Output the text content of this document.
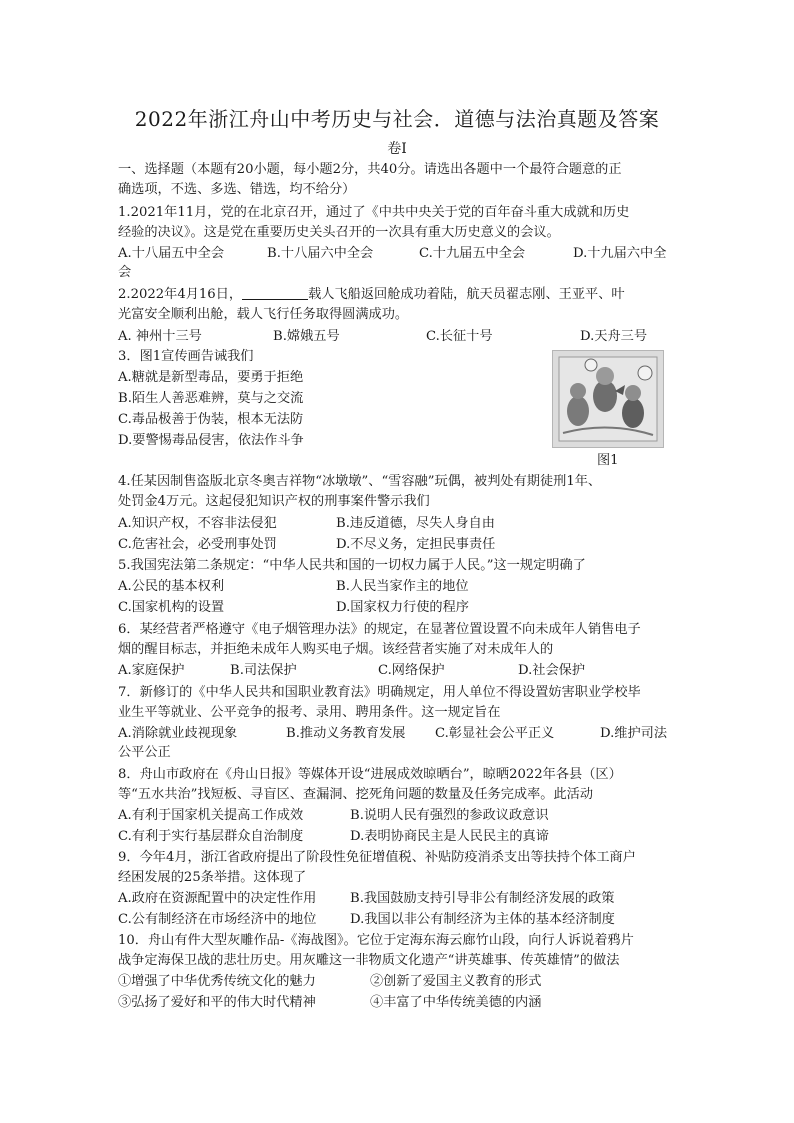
2022年浙江舟山中考历史与社会．道德与法治真题及答案
卷Ⅰ
一、选择题（本题有20小题，每小题2分，共40分。请选出各题中一个最符合题意的正
确选项，不选、多选、错选，均不给分）
1.2021年11月，党的在北京召开，通过了《中共中央关于党的百年奋斗重大成就和历史
经验的决议》。这是党在重要历史关头召开的一次具有重大历史意义的会议。
A.十八届五中全会	B.十八届六中全会	C.十九届五中全会	D.十九届六中全
会
2.2022年4月16日，	载人飞船返回舱成功着陆，航天员翟志刚、王亚平、叶
光富安全顺利出舱，载人飞行任务取得圆满成功。
A. 神州十三号	B.嫦娥五号	C.长征十号	D.天舟三号
3．图1宣传画告诫我们
A.糖就是新型毒品，要勇于拒绝
B.陌生人善恶难辨，莫与之交流
C.毒品极善于伪装，根本无法防
D.要警惕毒品侵害，依法作斗争
图1
4.任某因制售盗版北京冬奥吉祥物“冰墩墩”、“雪容融”玩偶，被判处有期徒刑1年、
处罚金4万元。这起侵犯知识产权的刑事案件警示我们
A.知识产权，不容非法侵犯	B.违反道德，尽失人身自由
C.危害社会，必受刑事处罚	D.不尽义务，定担民事责任
5.我国宪法第二条规定：“中华人民共和国的一切权力属于人民。”这一规定明确了
A.公民的基本权利	B.人民当家作主的地位
C.国家机构的设置	D.国家权力行使的程序
6．某经营者严格遵守《电子烟管理办法》的规定，在显著位置设置不向未成年人销售电子
烟的醒目标志，并拒绝未成年人购买电子烟。该经营者实施了对未成年人的
A.家庭保护	B.司法保护	C.网络保护	D.社会保护
7．新修订的《中华人民共和国职业教育法》明确规定，用人单位不得设置妨害职业学校毕
业生平等就业、公平竞争的报考、录用、聘用条件。这一规定旨在
A.消除就业歧视现象	B.推动义务教育发展 C.彰显社会公平正义	D.维护司法
公平公正
8．舟山市政府在《舟山日报》等媒体开设“进展成效晾晒台”，晾晒2022年各县（区）
等“五水共治”找短板、寻盲区、查漏洞、挖死角问题的数量及任务完成率。此活动
A.有利于国家机关提高工作成效	B.说明人民有强烈的参政议政意识
C.有利于实行基层群众自治制度	D.表明协商民主是人民民主的真谛
9．今年4月，浙江省政府提出了阶段性免征增值税、补贴防疫消杀支出等扶持个体工商户
经困发展的25条举措。这体现了
A.政府在资源配置中的决定性作用	B.我国鼓励支持引导非公有制经济发展的政策
C.公有制经济在市场经济中的地位	D.我国以非公有制经济为主体的基本经济制度
10．舟山有件大型灰雕作品-《海战图》。它位于定海东海云廊竹山段，向行人诉说着鸦片
战争定海保卫战的悲壮历史。用灰雕这一非物质文化遗产“讲英雄事、传英雄情”的做法
①增强了中华优秀传统文化的魅力	②创新了爱国主义教育的形式
③弘扬了爱好和平的伟大时代精神	④丰富了中华传统美德的内涵
